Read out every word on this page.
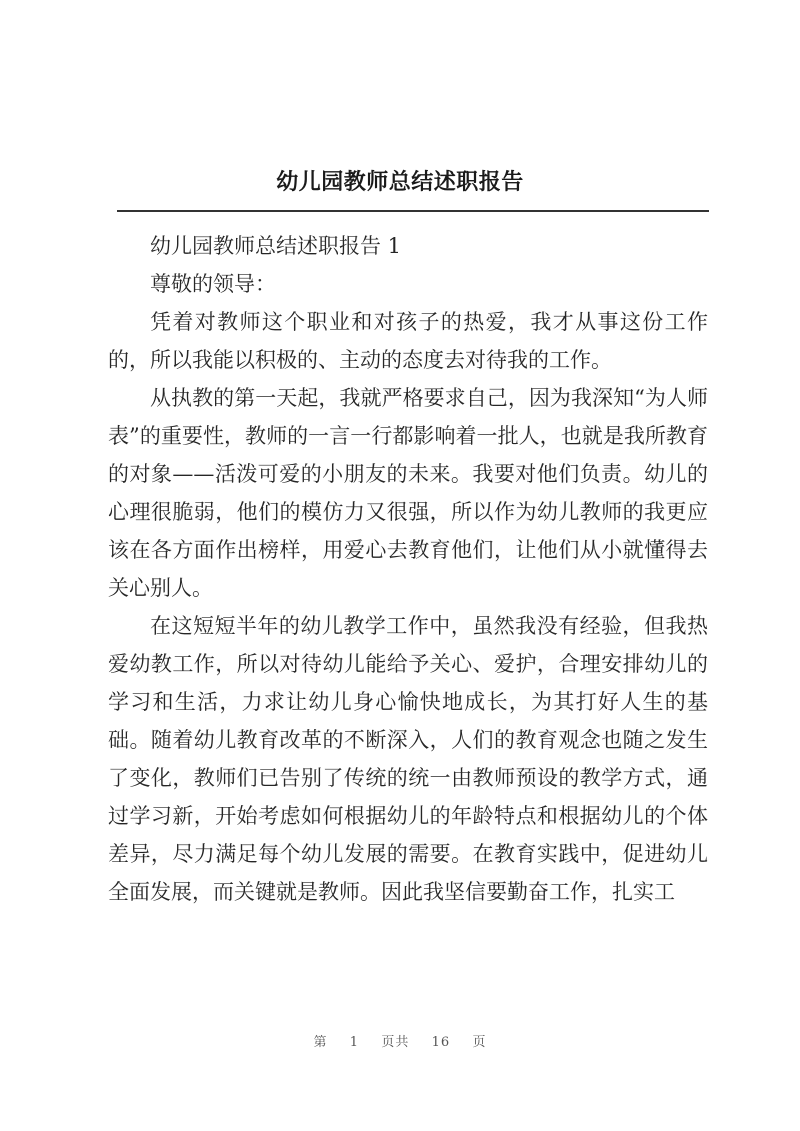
幼儿园教师总结述职报告

幼儿园教师总结述职报告 1

尊敬的领导：

凭着对教师这个职业和对孩子的热爱，我才从事这份工作的，所以我能以积极的、主动的态度去对待我的工作。

从执教的第一天起，我就严格要求自己，因为我深知“为人师表”的重要性，教师的一言一行都影响着一批人，也就是我所教育的对象——活泼可爱的小朋友的未来。我要对他们负责。幼儿的心理很脆弱，他们的模仿力又很强，所以作为幼儿教师的我更应该在各方面作出榜样，用爱心去教育他们，让他们从小就懂得去关心别人。

在这短短半年的幼儿教学工作中，虽然我没有经验，但我热爱幼教工作，所以对待幼儿能给予关心、爱护，合理安排幼儿的学习和生活，力求让幼儿身心愉快地成长，为其打好人生的基础。随着幼儿教育改革的不断深入，人们的教育观念也随之发生了变化，教师们已告别了传统的统一由教师预设的教学方式，通过学习新，开始考虑如何根据幼儿的年龄特点和根据幼儿的个体差异，尽力满足每个幼儿发展的需要。在教育实践中，促进幼儿全面发展，而关键就是教师。因此我坚信要勤奋工作，扎实工

第 1 页共 16 页
